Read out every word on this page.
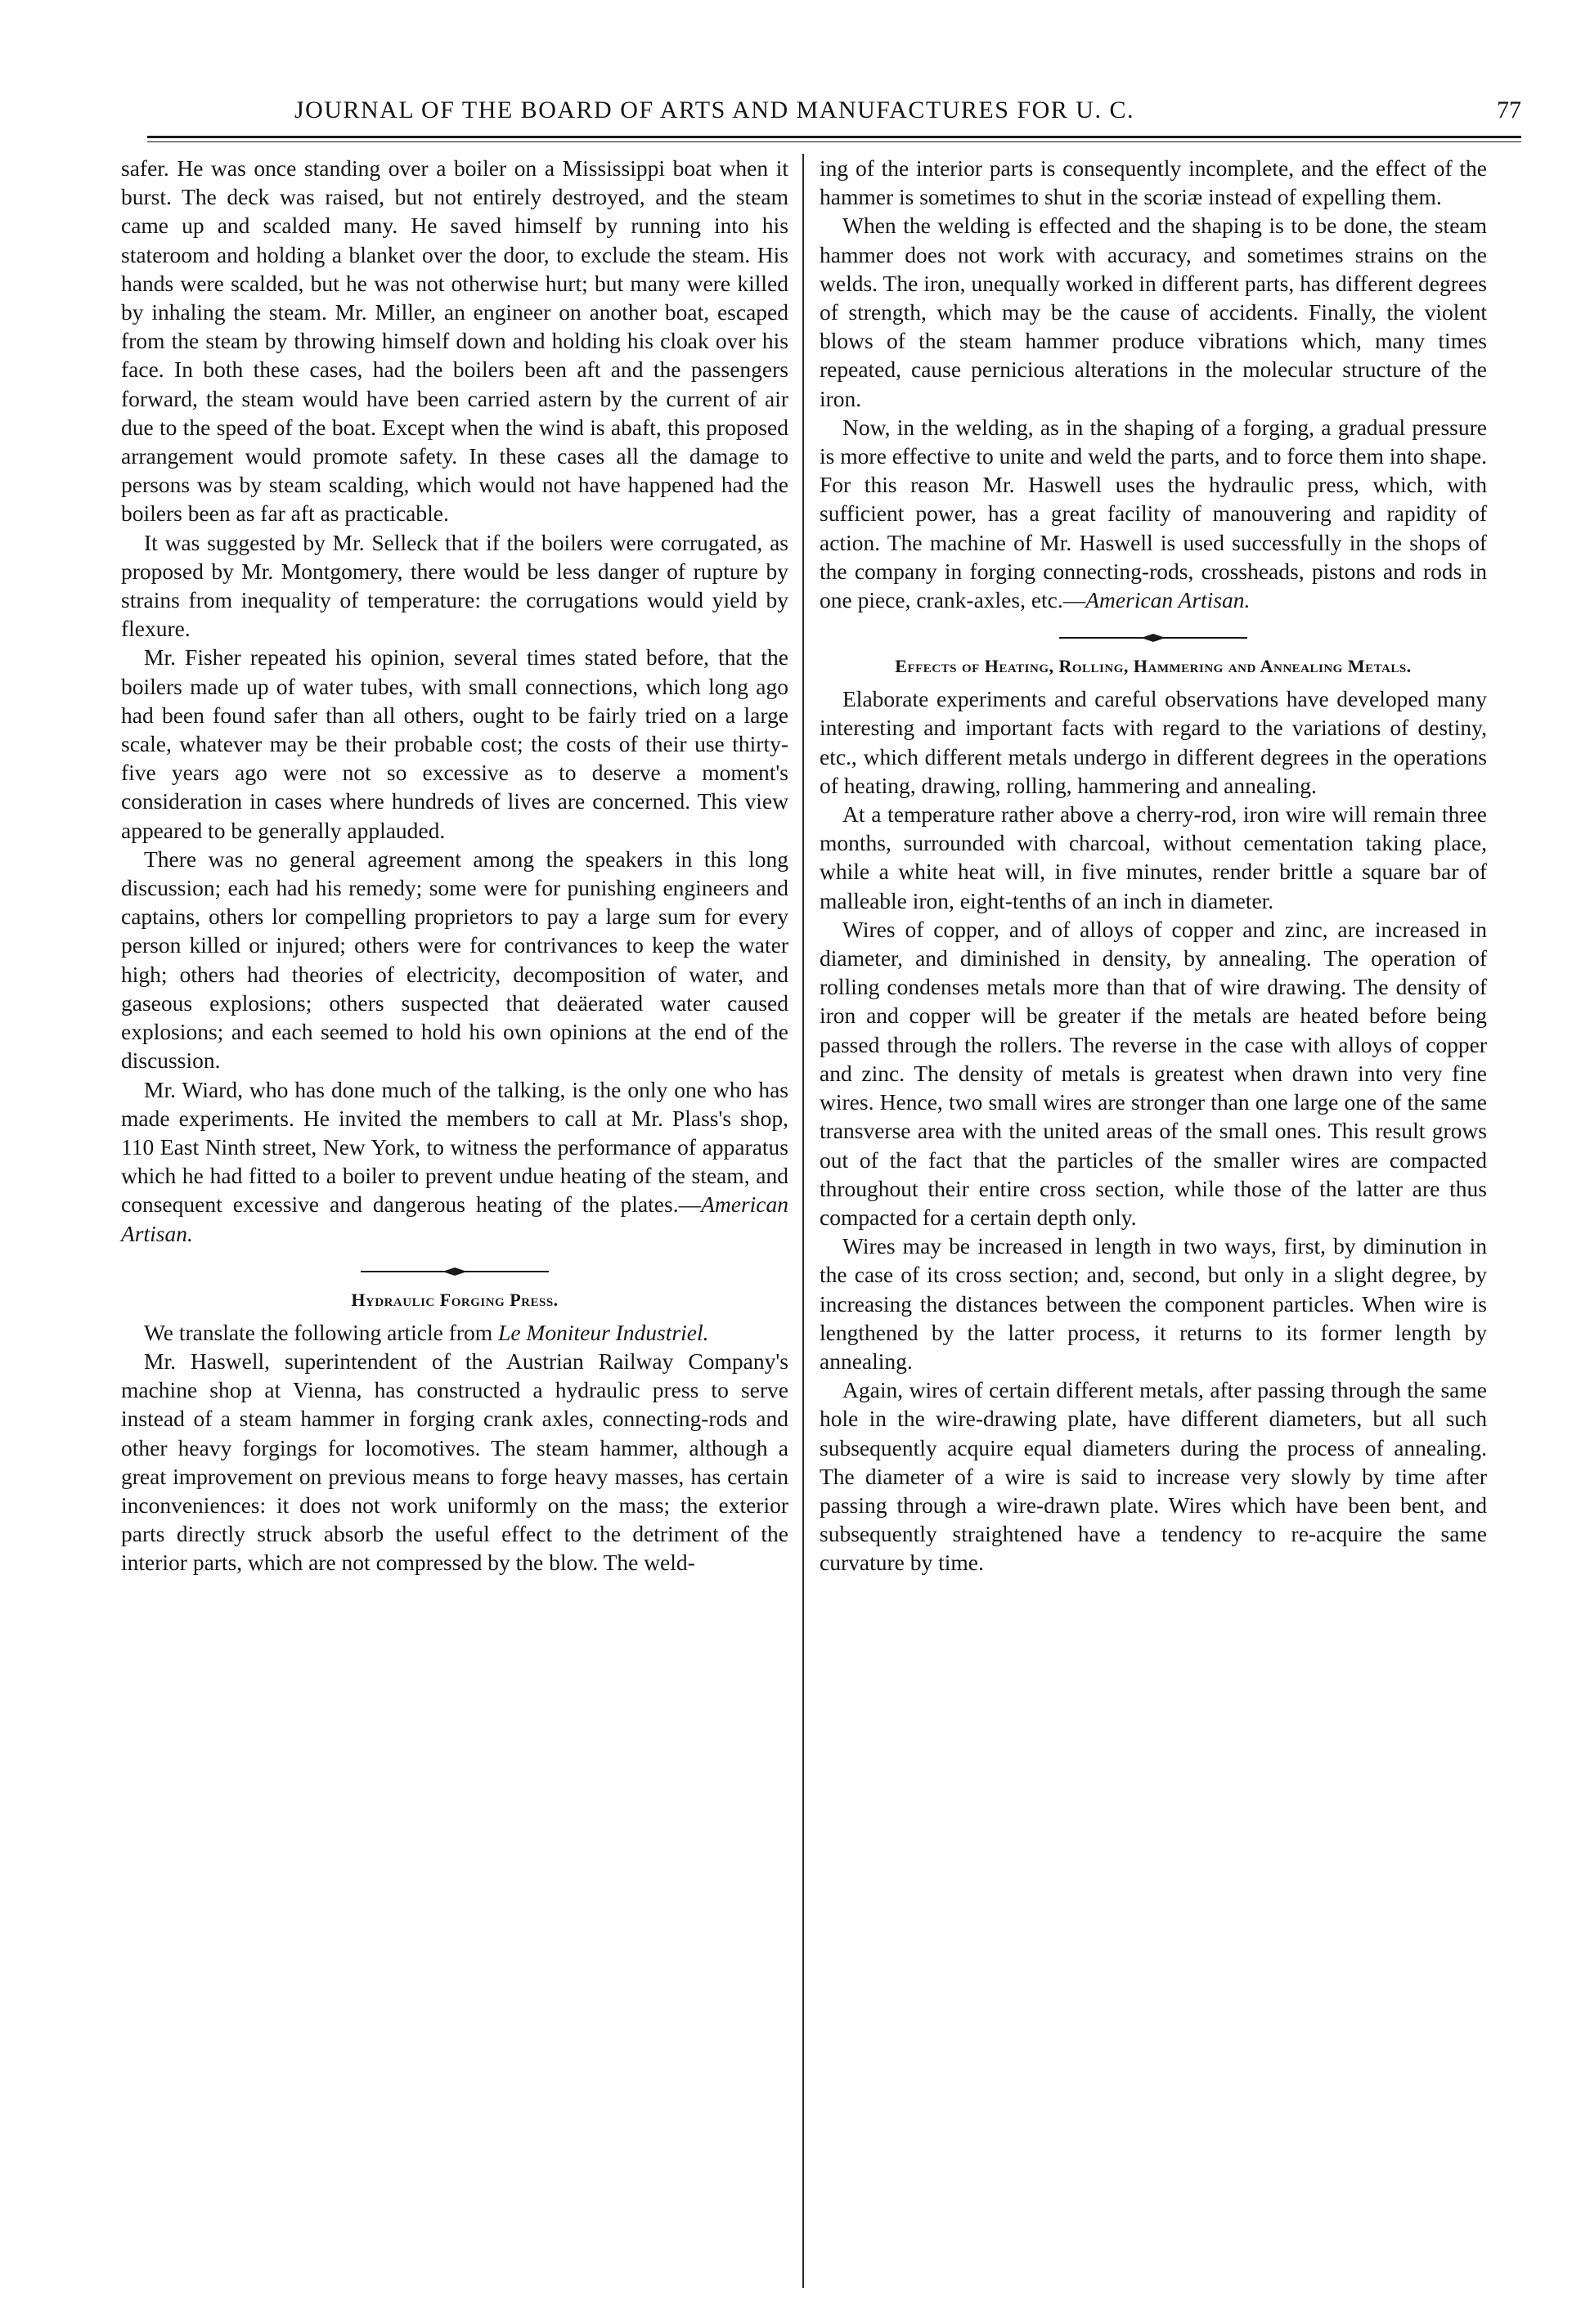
JOURNAL OF THE BOARD OF ARTS AND MANUFACTURES FOR U. C.	77

safer. He was once standing over a boiler on a Mississippi boat when it burst. The deck was raised, but not entirely destroyed, and the steam came up and scalded many. He saved himself by running into his stateroom and holding a blanket over the door, to exclude the steam. His hands were scalded, but he was not otherwise hurt; but many were killed by inhaling the steam. Mr. Miller, an engineer on another boat, escaped from the steam by throwing himself down and holding his cloak over his face. In both these cases, had the boilers been aft and the passengers forward, the steam would have been carried astern by the current of air due to the speed of the boat. Except when the wind is abaft, this proposed arrangement would promote safety. In these cases all the damage to persons was by steam scalding, which would not have happened had the boilers been as far aft as practicable.

It was suggested by Mr. Selleck that if the boilers were corrugated, as proposed by Mr. Montgomery, there would be less danger of rupture by strains from inequality of temperature: the corrugations would yield by flexure.

Mr. Fisher repeated his opinion, several times stated before, that the boilers made up of water tubes, with small connections, which long ago had been found safer than all others, ought to be fairly tried on a large scale, whatever may be their probable cost; the costs of their use thirty-five years ago were not so excessive as to deserve a moment's consideration in cases where hundreds of lives are concerned. This view appeared to be generally applauded.

There was no general agreement among the speakers in this long discussion; each had his remedy; some were for punishing engineers and captains, others lor compelling proprietors to pay a large sum for every person killed or injured; others were for contrivances to keep the water high; others had theories of electricity, decomposition of water, and gaseous explosions; others suspected that deäerated water caused explosions; and each seemed to hold his own opinions at the end of the discussion.

Mr. Wiard, who has done much of the talking, is the only one who has made experiments. He invited the members to call at Mr. Plass's shop, 110 East Ninth street, New York, to witness the performance of apparatus which he had fitted to a boiler to prevent undue heating of the steam, and consequent excessive and dangerous heating of the plates.—American Artisan.

Hydraulic Forging Press.

We translate the following article from Le Moniteur Industriel.

Mr. Haswell, superintendent of the Austrian Railway Company's machine shop at Vienna, has constructed a hydraulic press to serve instead of a steam hammer in forging crank axles, connecting-rods and other heavy forgings for locomotives. The steam hammer, although a great improvement on previous means to forge heavy masses, has certain inconveniences: it does not work uniformly on the mass; the exterior parts directly struck absorb the useful effect to the detriment of the interior parts, which are not compressed by the blow. The weld-

ing of the interior parts is consequently incomplete, and the effect of the hammer is sometimes to shut in the scoriæ instead of expelling them.

When the welding is effected and the shaping is to be done, the steam hammer does not work with accuracy, and sometimes strains on the welds. The iron, unequally worked in different parts, has different degrees of strength, which may be the cause of accidents. Finally, the violent blows of the steam hammer produce vibrations which, many times repeated, cause pernicious alterations in the molecular structure of the iron.

Now, in the welding, as in the shaping of a forging, a gradual pressure is more effective to unite and weld the parts, and to force them into shape. For this reason Mr. Haswell uses the hydraulic press, which, with sufficient power, has a great facility of manouvering and rapidity of action. The machine of Mr. Haswell is used successfully in the shops of the company in forging connecting-rods, crossheads, pistons and rods in one piece, crank-axles, etc.—American Artisan.

Effects of Heating, Rolling, Hammering and Annealing Metals.

Elaborate experiments and careful observations have developed many interesting and important facts with regard to the variations of destiny, etc., which different metals undergo in different degrees in the operations of heating, drawing, rolling, hammering and annealing.

At a temperature rather above a cherry-rod, iron wire will remain three months, surrounded with charcoal, without cementation taking place, while a white heat will, in five minutes, render brittle a square bar of malleable iron, eight-tenths of an inch in diameter.

Wires of copper, and of alloys of copper and zinc, are increased in diameter, and diminished in density, by annealing. The operation of rolling condenses metals more than that of wire drawing. The density of iron and copper will be greater if the metals are heated before being passed through the rollers. The reverse in the case with alloys of copper and zinc. The density of metals is greatest when drawn into very fine wires. Hence, two small wires are stronger than one large one of the same transverse area with the united areas of the small ones. This result grows out of the fact that the particles of the smaller wires are compacted throughout their entire cross section, while those of the latter are thus compacted for a certain depth only.

Wires may be increased in length in two ways, first, by diminution in the case of its cross section; and, second, but only in a slight degree, by increasing the distances between the component particles. When wire is lengthened by the latter process, it returns to its former length by annealing.

Again, wires of certain different metals, after passing through the same hole in the wire-drawing plate, have different diameters, but all such subsequently acquire equal diameters during the process of annealing. The diameter of a wire is said to increase very slowly by time after passing through a wire-drawn plate. Wires which have been bent, and subsequently straightened have a tendency to re-acquire the same curvature by time.
